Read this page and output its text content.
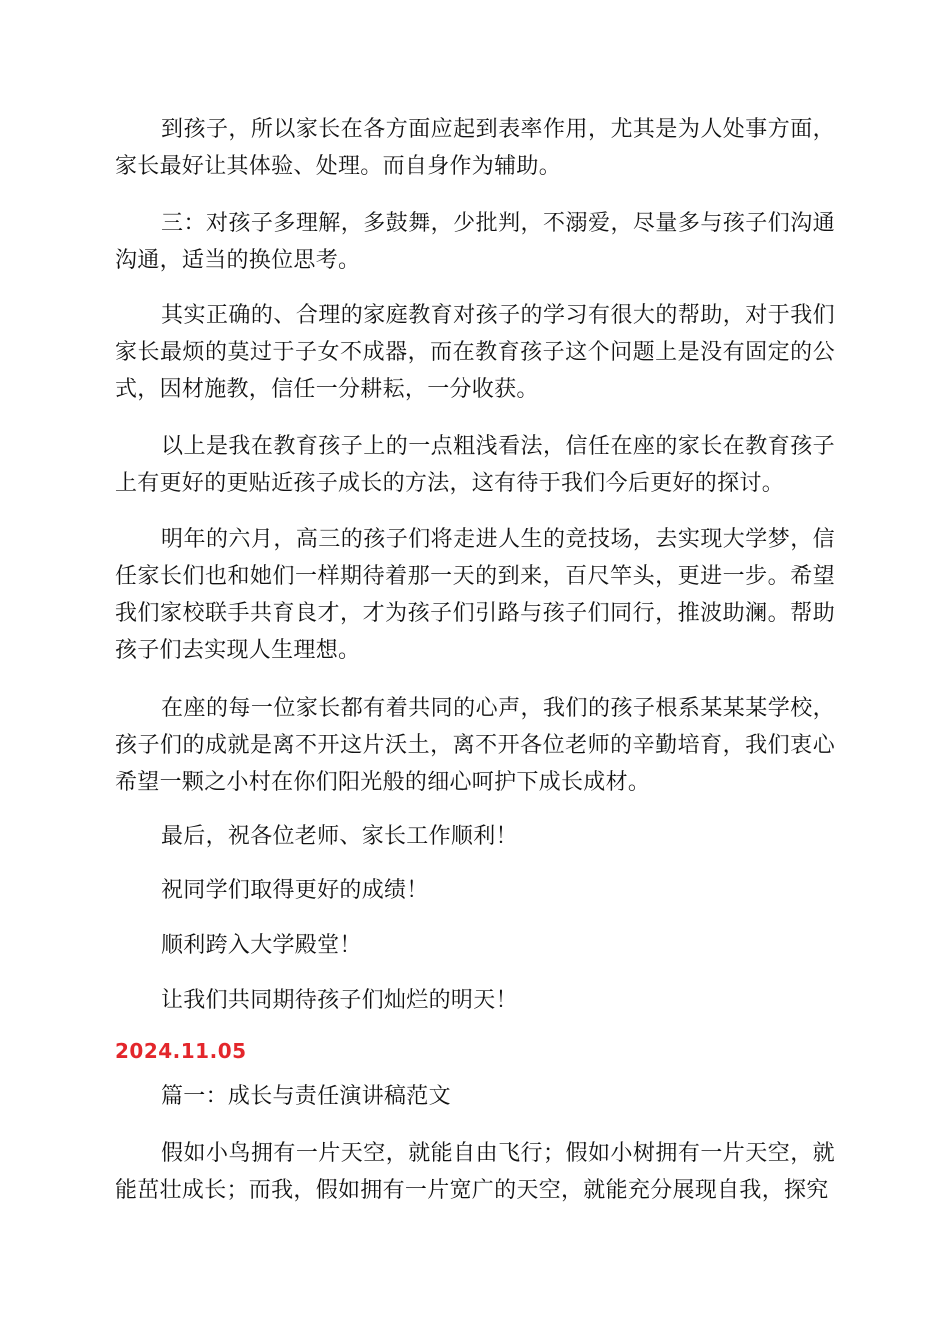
到孩子，所以家长在各方面应起到表率作用，尤其是为人处事方面，家长最好让其体验、处理。而自身作为辅助。

三：对孩子多理解，多鼓舞，少批判，不溺爱，尽量多与孩子们沟通沟通，适当的换位思考。

其实正确的、合理的家庭教育对孩子的学习有很大的帮助，对于我们家长最烦的莫过于子女不成器，而在教育孩子这个问题上是没有固定的公式，因材施教，信任一分耕耘，一分收获。

以上是我在教育孩子上的一点粗浅看法，信任在座的家长在教育孩子上有更好的更贴近孩子成长的方法，这有待于我们今后更好的探讨。

明年的六月，高三的孩子们将走进人生的竞技场，去实现大学梦，信任家长们也和她们一样期待着那一天的到来，百尺竿头，更进一步。希望我们家校联手共育良才，才为孩子们引路与孩子们同行，推波助澜。帮助孩子们去实现人生理想。

在座的每一位家长都有着共同的心声，我们的孩子根系某某某学校，孩子们的成就是离不开这片沃土，离不开各位老师的辛勤培育，我们衷心希望一颗之小村在你们阳光般的细心呵护下成长成材。

最后，祝各位老师、家长工作顺利！

祝同学们取得更好的成绩！

顺利跨入大学殿堂！

让我们共同期待孩子们灿烂的明天！

2024.11.05

篇一：成长与责任演讲稿范文

假如小鸟拥有一片天空，就能自由飞行；假如小树拥有一片天空，就能茁壮成长；而我，假如拥有一片宽广的天空，就能充分展现自我，探究
